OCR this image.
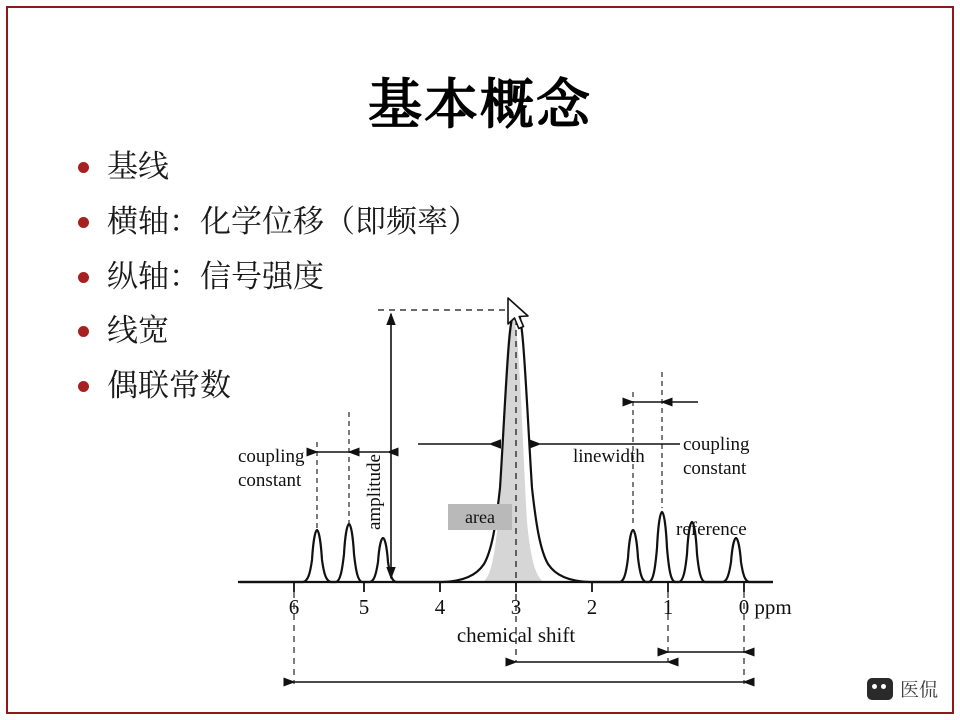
基本概念
基线
横轴：化学位移（即频率）
纵轴：信号强度
线宽
偶联常数
amplitude	linewidth
area
coupling
constant
coupling
constant
reference
6	5	4	3	2	1	0 ppm
chemical shift
医侃
